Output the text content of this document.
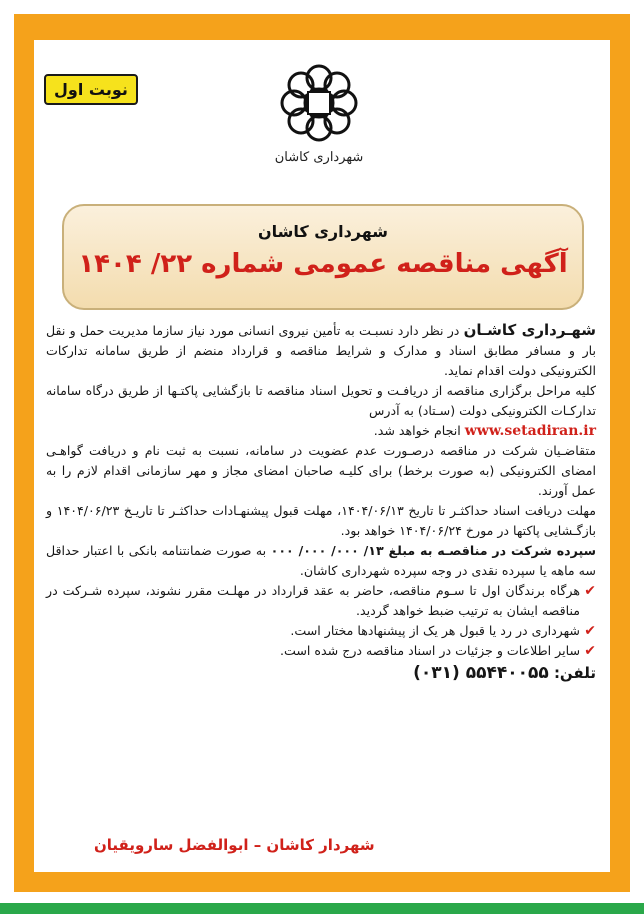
نوبت اول
شهرداری کاشان
شهرداری کاشان
آگهی مناقصه عمومی شماره ۲۲/ ۱۴۰۴

شهـرداری کاشـان در نظر دارد نسبـت به تأمین نیروی انسانی مورد نیاز سازما مدیریت حمل و نقل بار و مسافر مطابق اسناد و مدارک و شرایط مناقصه و قرارداد منضم از طریق سامانه تدارکات الکترونیکی دولت اقدام نماید.

کلیه مراحل برگزاری مناقصه از دریافـت و تحویل اسناد مناقصه تا بازگشایی پاکتـها از طریق درگاه سامانه تداركـات الکترونیکی دولت (سـتاد) به آدرس
www.setadiran.ir انجام خواهد شد.

متقاضـیان شرکت در مناقصه درصـورت عدم عضویت در سامانه، نسبت به ثبت نام و دریافت گواهـی امضای الکترونیکی (به صورت برخط) برای کلیـه صاحبان امضای مجاز و مهر سازمانی اقدام لازم را به عمل آورند.

مهلت دریافت اسناد حداکثـر تا تاریخ ۱۴۰۴/۰۶/۱۳، مهلت قبول پیشنهـادات حداکثـر تا تاریـخ ۱۴۰۴/۰۶/۲۳ و بازگـشایی پاکتها در مورخ ۱۴۰۴/۰۶/۲۴ خواهد بود.

سپرده شرکت در مناقصـه به مبلغ ۱۳/ ۰۰۰/ ۰۰۰/ ۰۰۰ به صورت ضمانتنامه بانکی با اعتبار حداقل سه ماهه یا سپرده نقدی در وجه سپرده شهرداری کاشان.

✔
هرگاه برندگان اول تا سـوم مناقصه، حاضر به عقد قرارداد در مهلـت مقرر نشوند، سپرده شـرکت در مناقصه ایشان به ترتیب ضبط خواهد گردید.
✔
شهرداری در رد یا قبول هر یک از پیشنهادها مختار است.
✔
سایر اطلاعات و جزئیات در اسناد مناقصه درج شده است.
تلفن: (۰۳۱) ۵۵۴۴۰۰۵۵
شهردار کاشان – ابوالفضل سارویقیان
